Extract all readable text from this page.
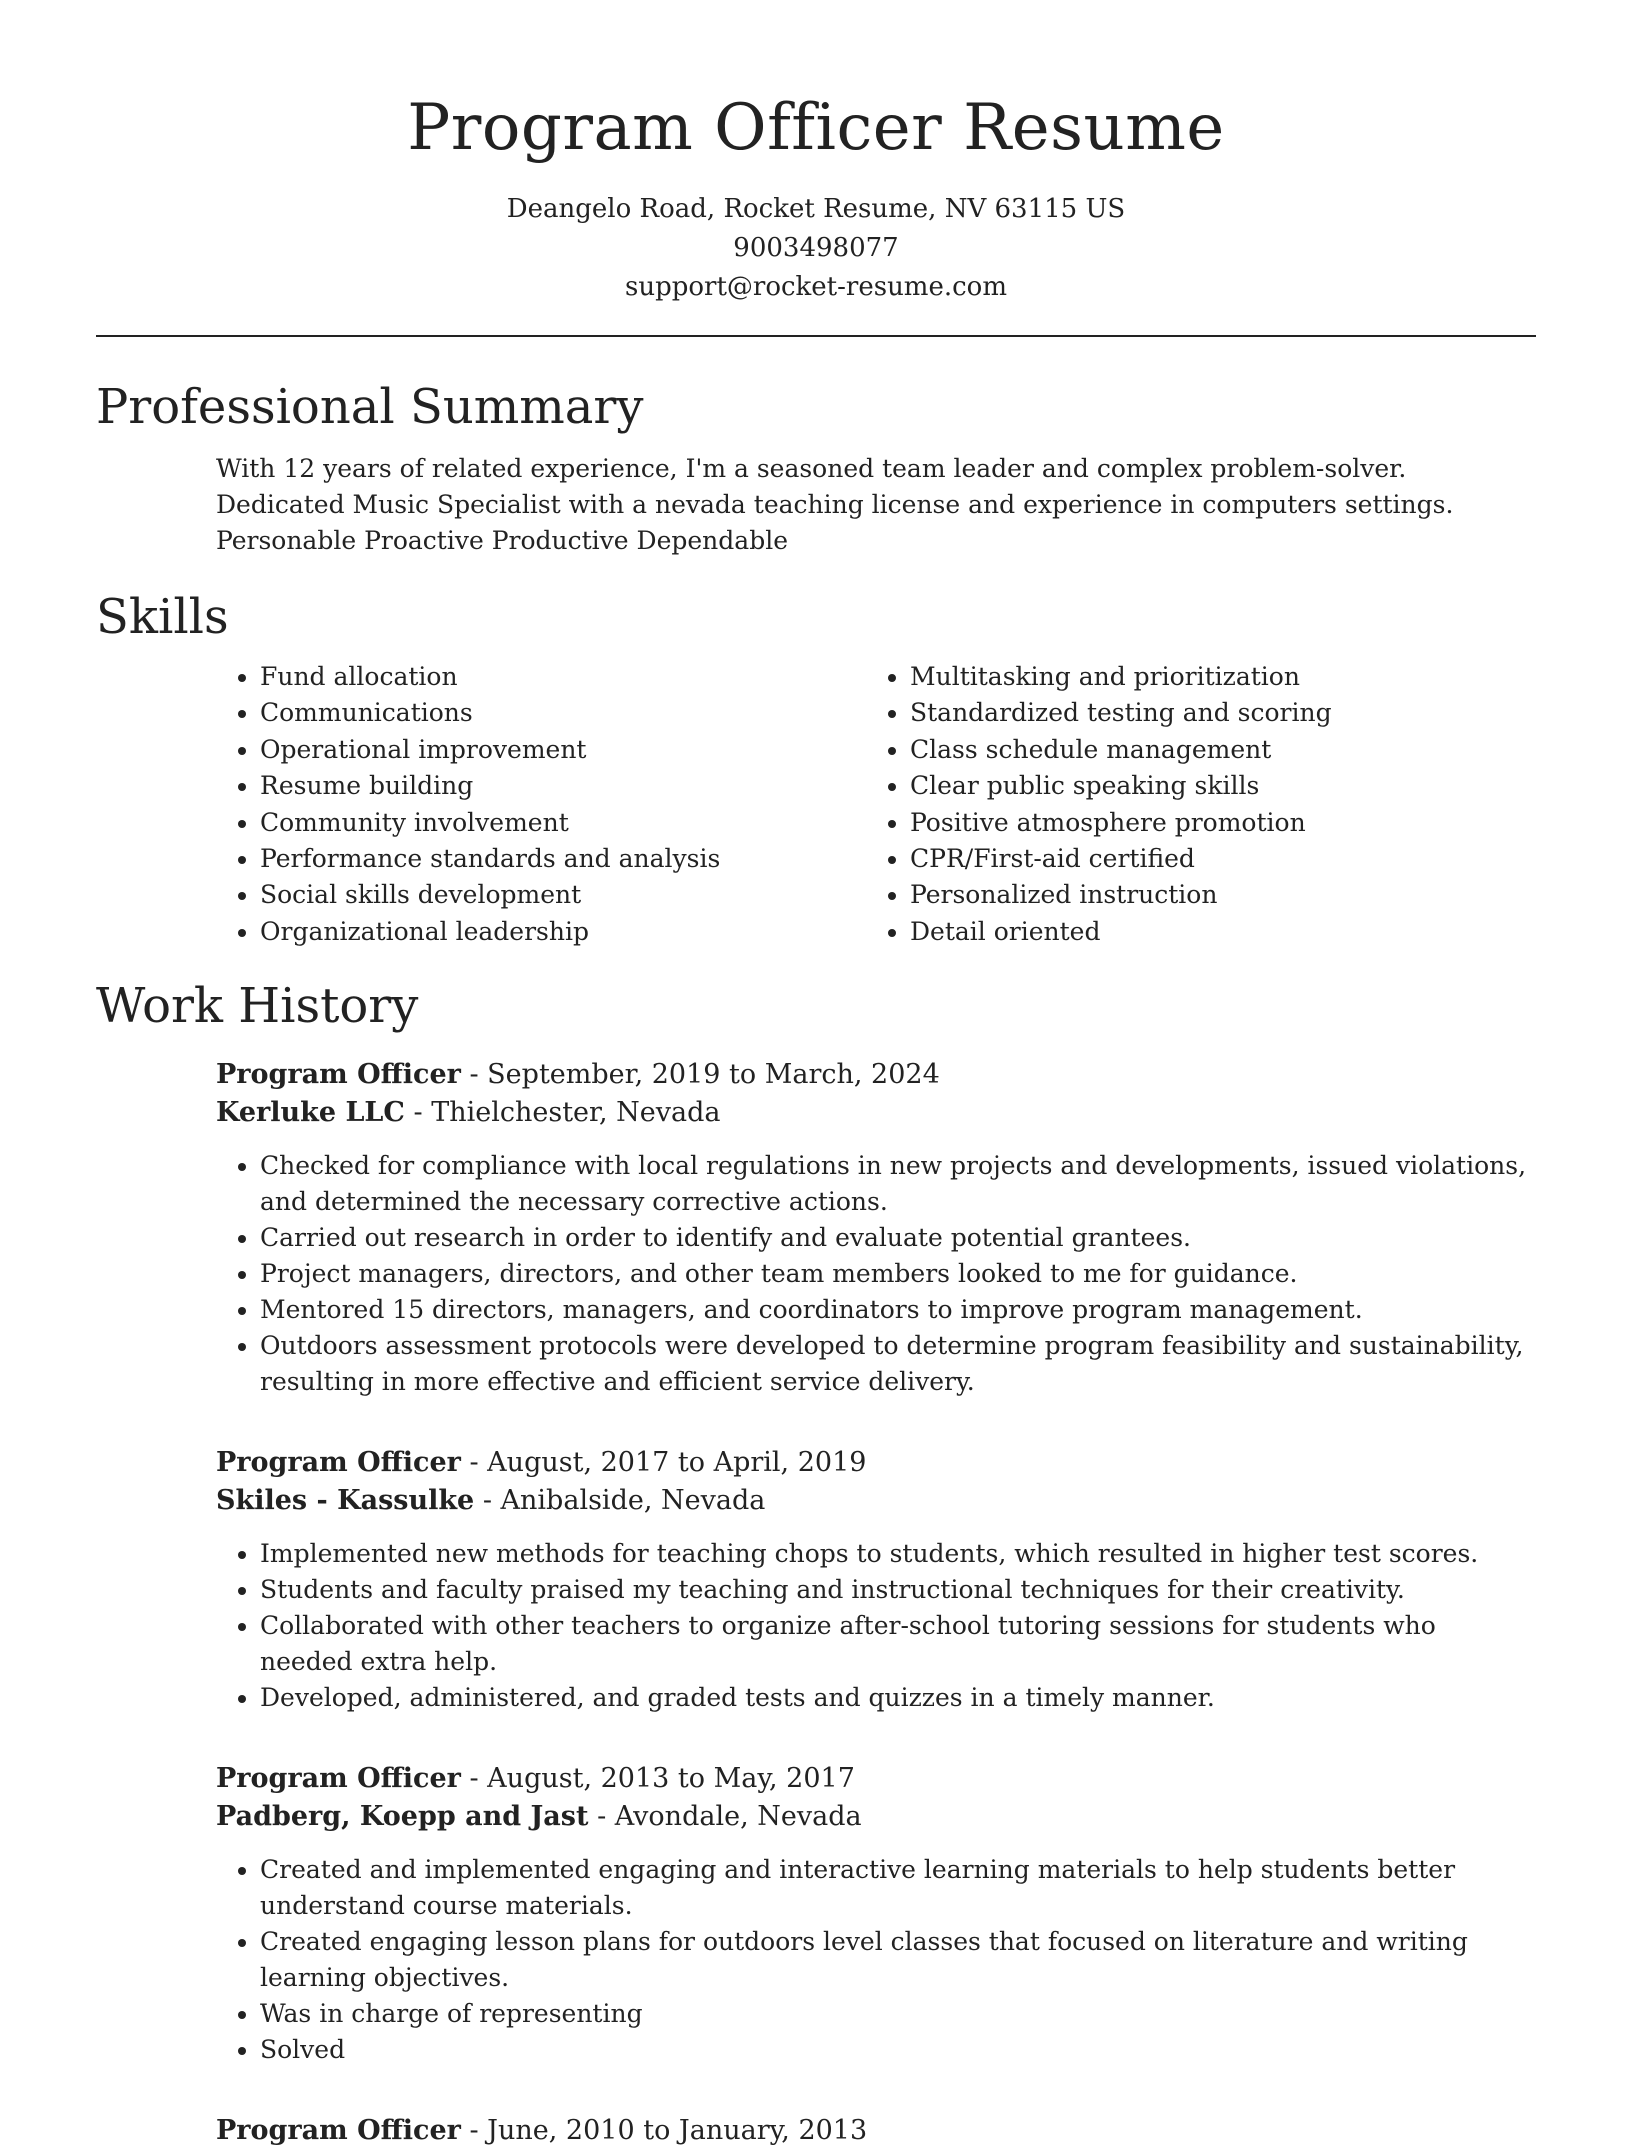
Program Officer Resume
Deangelo Road, Rocket Resume, NV 63115 US
9003498077
support@rocket-resume.com
Professional Summary

With 12 years of related experience, I'm a seasoned team leader and complex problem-solver. Dedicated Music Specialist with a nevada teaching license and experience in computers settings. Personable Proactive Productive Dependable

Skills
• Fund allocation
• Communications
• Operational improvement
• Resume building
• Community involvement
• Performance standards and analysis
• Social skills development
• Organizational leadership
• Multitasking and prioritization
• Standardized testing and scoring
• Class schedule management
• Clear public speaking skills
• Positive atmosphere promotion
• CPR/First-aid certified
• Personalized instruction
• Detail oriented
Work History
Program Officer - September, 2019 to March, 2024
Kerluke LLC - Thielchester, Nevada
• Checked for compliance with local regulations in new projects and developments, issued violations, and determined the necessary corrective actions.
• Carried out research in order to identify and evaluate potential grantees.
• Project managers, directors, and other team members looked to me for guidance.
• Mentored 15 directors, managers, and coordinators to improve program management.
• Outdoors assessment protocols were developed to determine program feasibility and sustainability, resulting in more effective and efficient service delivery.
Program Officer - August, 2017 to April, 2019
Skiles - Kassulke - Anibalside, Nevada
• Implemented new methods for teaching chops to students, which resulted in higher test scores.
• Students and faculty praised my teaching and instructional techniques for their creativity.
• Collaborated with other teachers to organize after-school tutoring sessions for students who needed extra help.
• Developed, administered, and graded tests and quizzes in a timely manner.
Program Officer - August, 2013 to May, 2017
Padberg, Koepp and Jast - Avondale, Nevada
• Created and implemented engaging and interactive learning materials to help students better understand course materials.
• Created engaging lesson plans for outdoors level classes that focused on literature and writing learning objectives.
• Was in charge of representing
• Solved
Program Officer - June, 2010 to January, 2013
